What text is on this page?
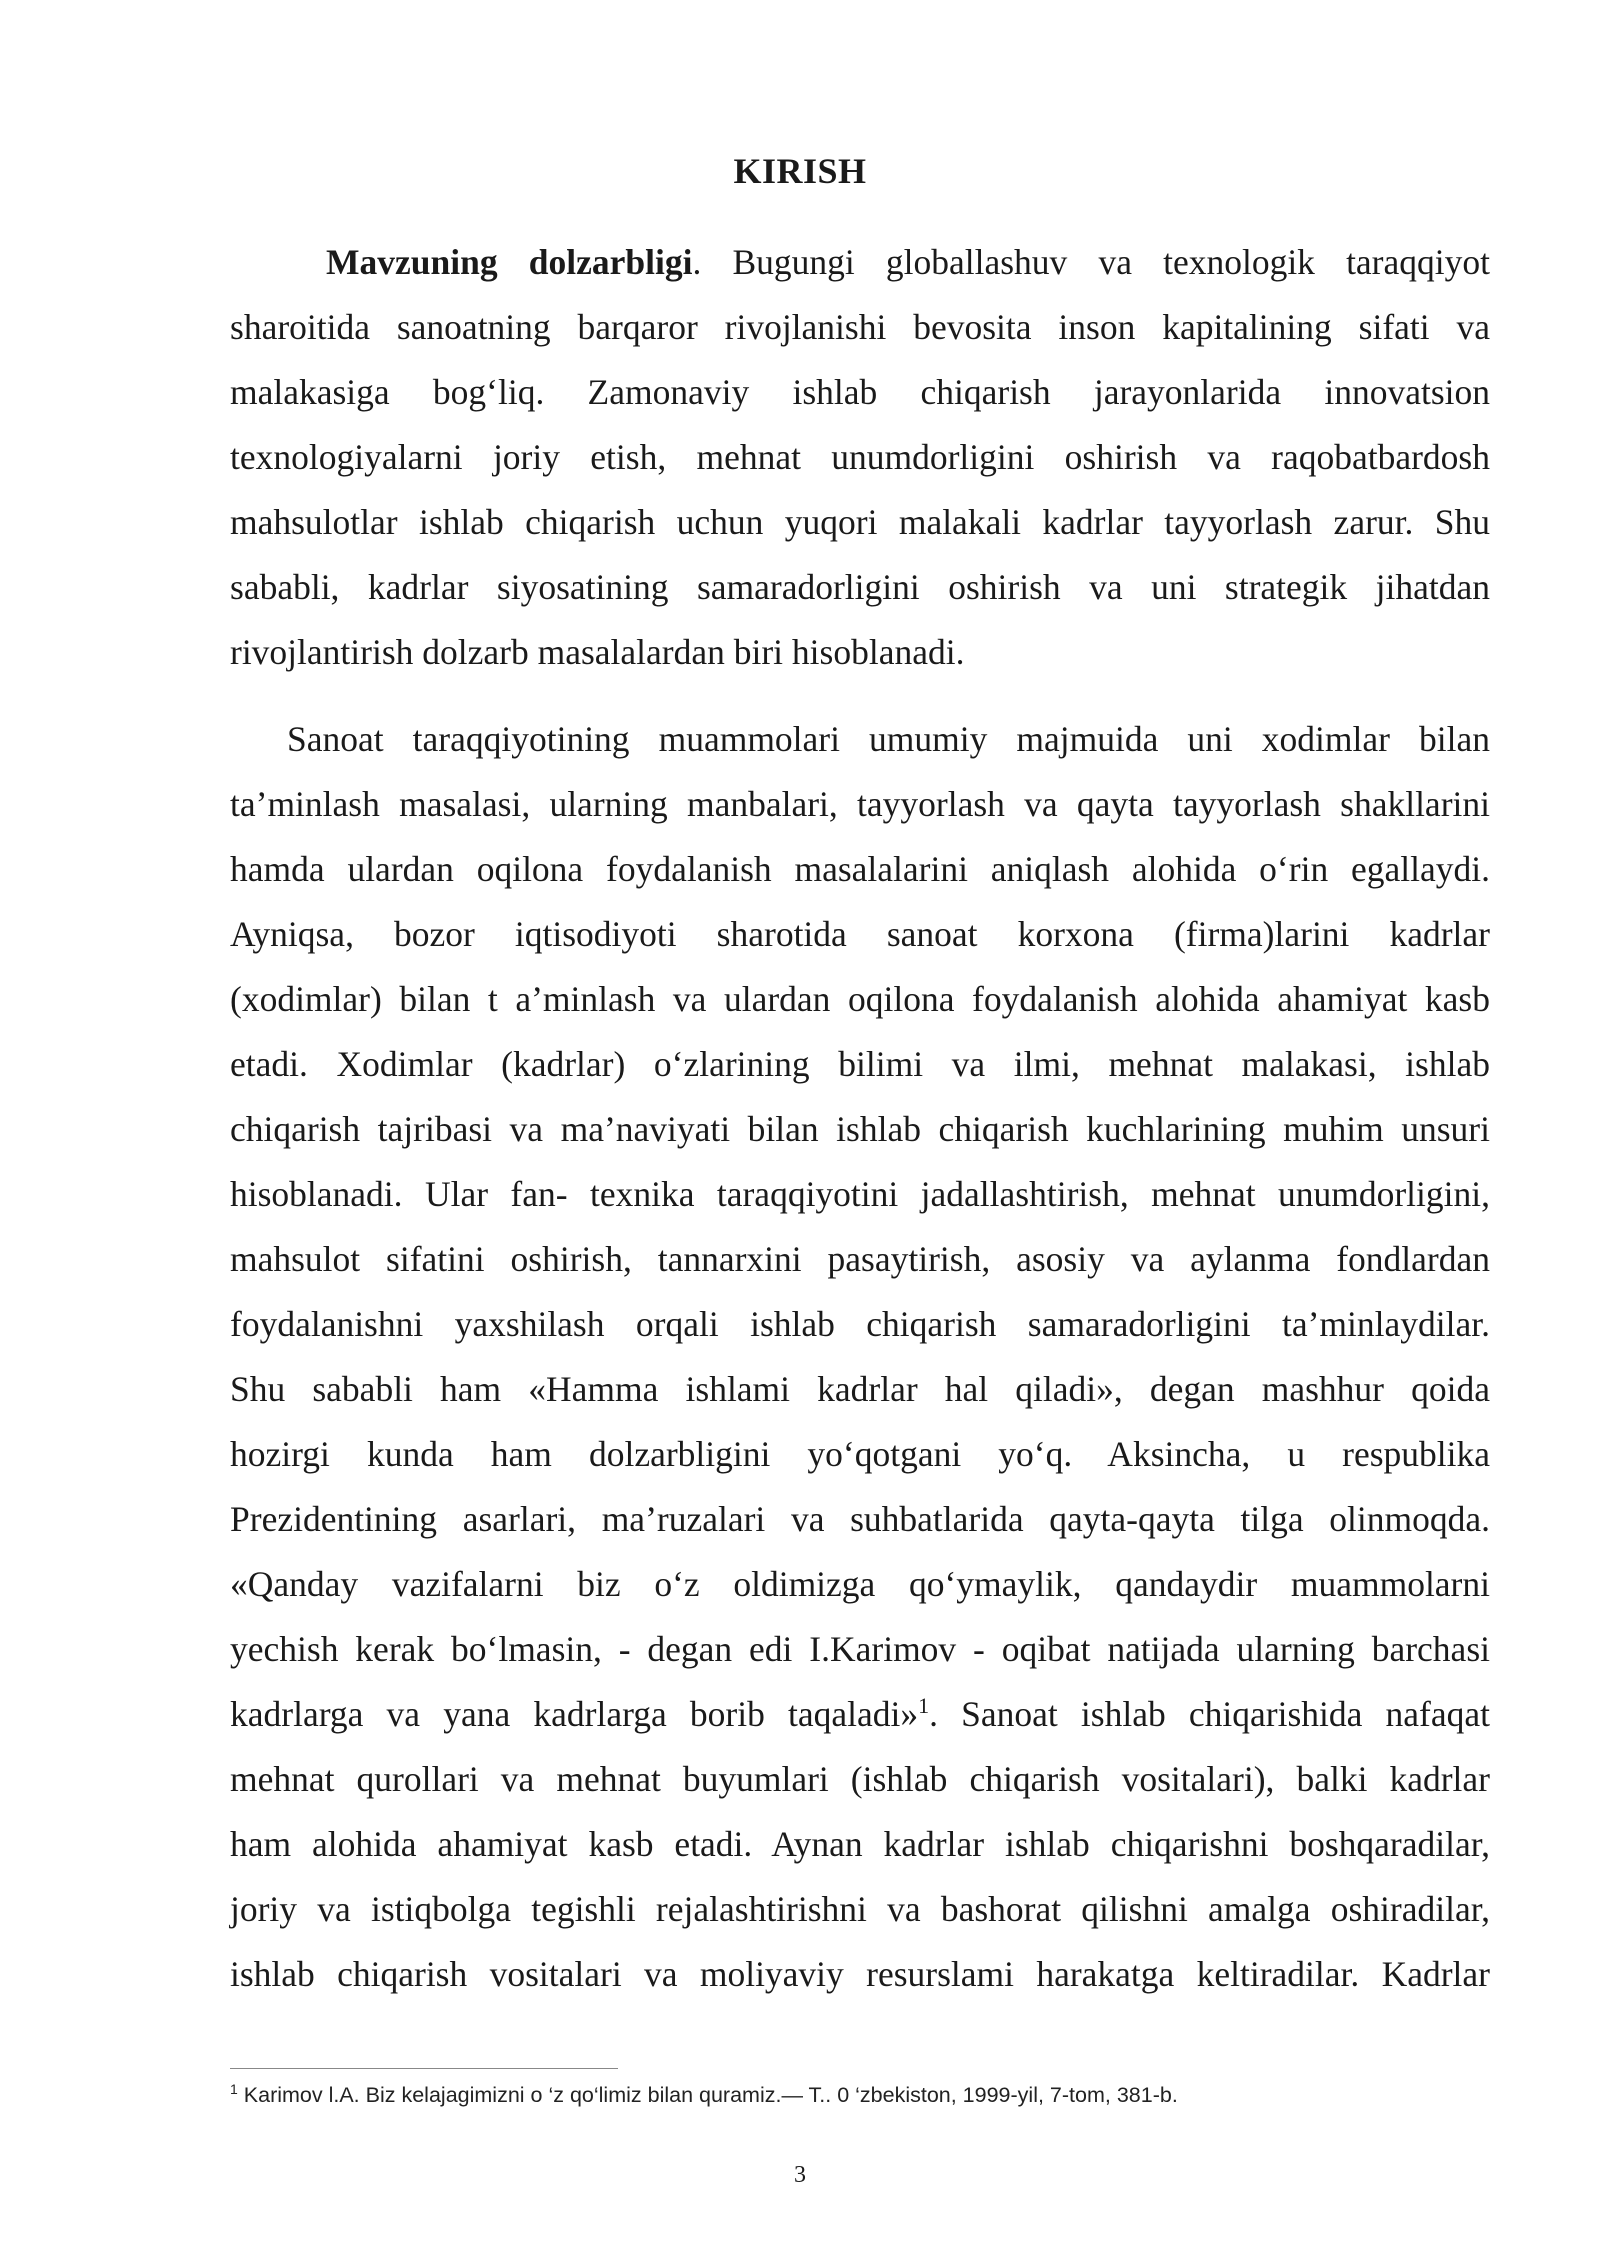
KIRISH
Mavzuning dolzarbligi. Bugungi globallashuv va texnologik taraqqiyot
sharoitida sanoatning barqaror rivojlanishi bevosita inson kapitalining sifati va
malakasiga bog‘liq. Zamonaviy ishlab chiqarish jarayonlarida innovatsion
texnologiyalarni joriy etish, mehnat unumdorligini oshirish va raqobatbardosh
mahsulotlar ishlab chiqarish uchun yuqori malakali kadrlar tayyorlash zarur. Shu
sababli, kadrlar siyosatining samaradorligini oshirish va uni strategik jihatdan
rivojlantirish dolzarb masalalardan biri hisoblanadi.
Sanoat taraqqiyotining muammolari umumiy majmuida uni xodimlar bilan
ta’minlash masalasi, ularning manbalari, tayyorlash va qayta tayyorlash shakllarini
hamda ulardan oqilona foydalanish masalalarini aniqlash alohida o‘rin egallaydi.
Ayniqsa, bozor iqtisodiyoti sharotida sanoat korxona (firma)larini kadrlar
(xodimlar) bilan t a’minlash va ulardan oqilona foydalanish alohida ahamiyat kasb
etadi. Xodimlar (kadrlar) o‘zlarining bilimi va ilmi, mehnat malakasi, ishlab
chiqarish tajribasi va ma’naviyati bilan ishlab chiqarish kuchlarining muhim unsuri
hisoblanadi. Ular fan- texnika taraqqiyotini jadallashtirish, mehnat unumdorligini,
mahsulot sifatini oshirish, tannarxini pasaytirish, asosiy va aylanma fondlardan
foydalanishni yaxshilash orqali ishlab chiqarish samaradorligini ta’minlaydilar.
Shu sababli ham «Hamma ishlami kadrlar hal qiladi», degan mashhur qoida
hozirgi kunda ham dolzarbligini yo‘qotgani yo‘q. Aksincha, u respublika
Prezidentining asarlari, ma’ruzalari va suhbatlarida qayta-qayta tilga olinmoqda.
«Qanday vazifalarni biz o‘z oldimizga qo‘ymaylik, qandaydir muammolarni
yechish kerak bo‘lmasin, - degan edi I.Karimov - oqibat natijada ularning barchasi
kadrlarga va yana kadrlarga borib taqaladi»$^1$. Sanoat ishlab chiqarishida nafaqat
mehnat qurollari va mehnat buyumlari (ishlab chiqarish vositalari), balki kadrlar
ham alohida ahamiyat kasb etadi. Aynan kadrlar ishlab chiqarishni boshqaradilar,
joriy va istiqbolga tegishli rejalashtirishni va bashorat qilishni amalga oshiradilar,
ishlab chiqarish vositalari va moliyaviy resurslami harakatga keltiradilar. Kadrlar
$^1$ Karimov l.A. Biz kelajagimizni o ‘z qo‘limiz bilan quramiz.— T.. 0 ‘zbekiston, 1999-yil, 7-tom, 381-b.
3
